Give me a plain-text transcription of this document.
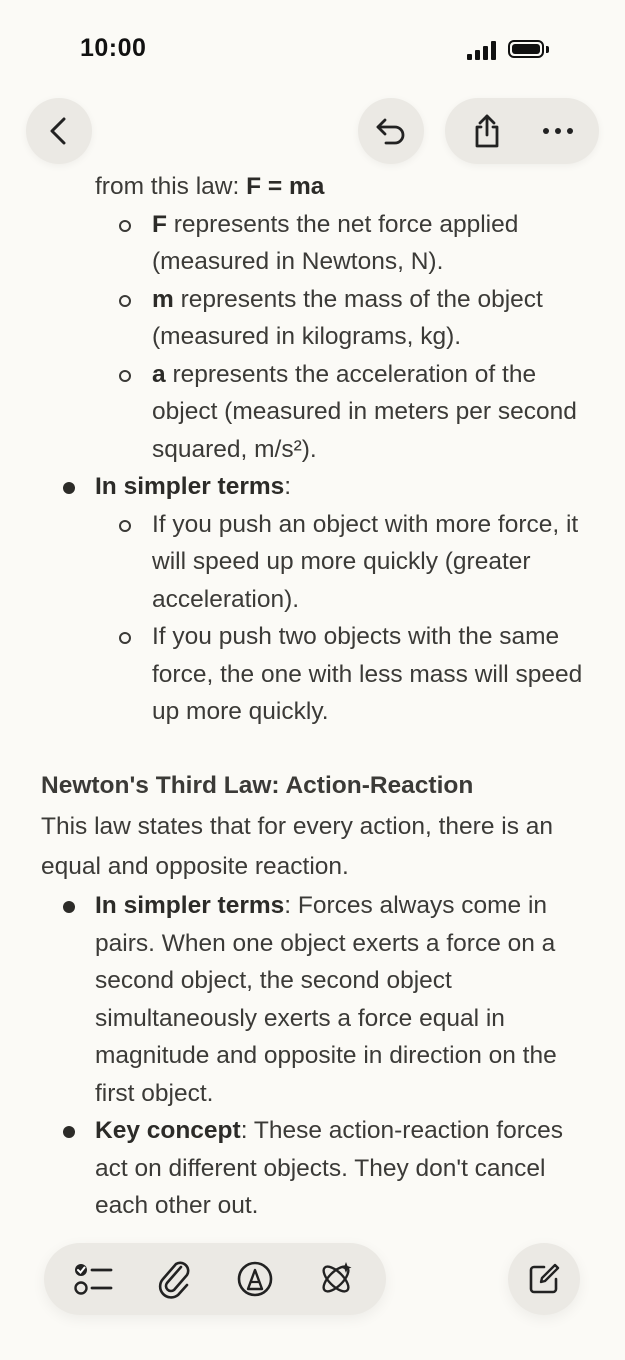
10:00
from this law: F = ma
F represents the net force applied (measured in Newtons, N).
m represents the mass of the object (measured in kilograms, kg).
a represents the acceleration of the object (measured in meters per second squared, m/s²).
In simpler terms:
If you push an object with more force, it will speed up more quickly (greater acceleration).
If you push two objects with the same force, the one with less mass will speed up more quickly.
Newton's Third Law: Action-Reaction
This law states that for every action, there is an equal and opposite reaction.
In simpler terms: Forces always come in pairs. When one object exerts a force on a second object, the second object simultaneously exerts a force equal in magnitude and opposite in direction on the first object.
Key concept: These action-reaction forces act on different objects. They don't cancel each other out.
